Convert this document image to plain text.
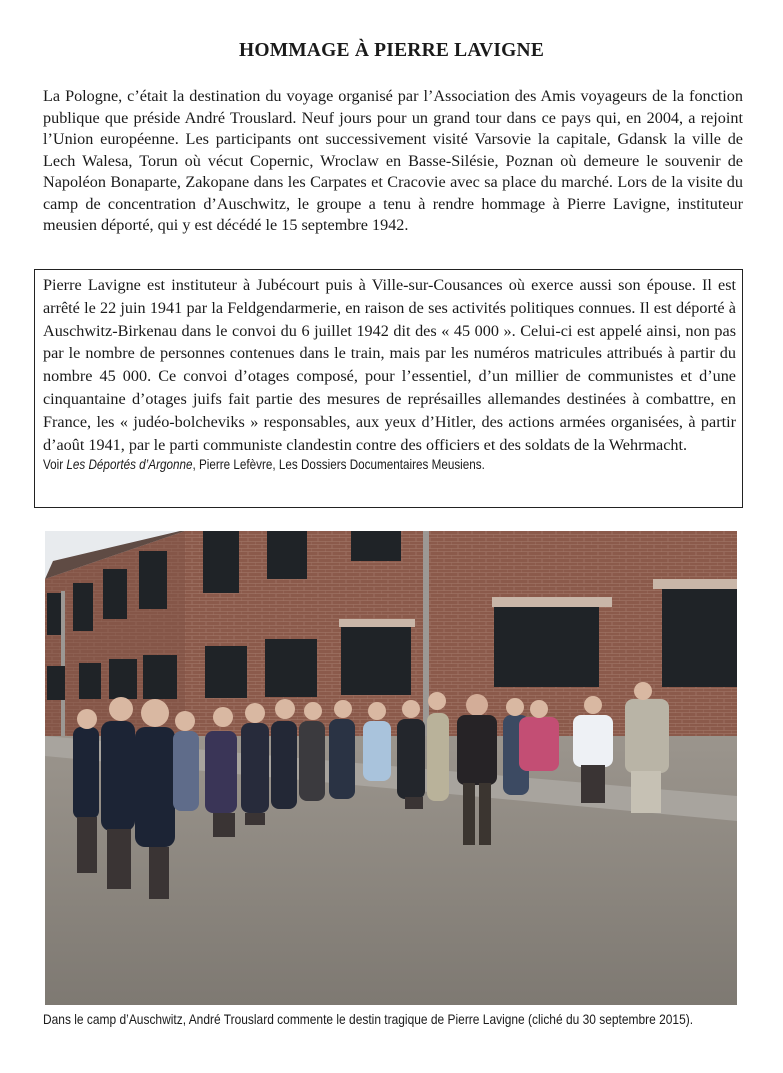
HOMMAGE À PIERRE LAVIGNE
La Pologne, c’était la destination du voyage organisé par l’Association des Amis voyageurs de la fonction publique que préside André Trouslard. Neuf jours pour un grand tour dans ce pays qui, en 2004, a rejoint l’Union européenne. Les participants ont successivement visité Varsovie la capitale, Gdansk la ville de Lech Walesa, Torun où vécut Copernic, Wroclaw en Basse-Silésie, Poznan où demeure le souvenir de Napoléon Bonaparte, Zakopane dans les Carpates et Cracovie avec sa place du marché. Lors de la visite du camp de concentration d’Auschwitz, le groupe a tenu à rendre hommage à Pierre Lavigne, instituteur meusien déporté, qui y est décédé le 15 septembre 1942.
Pierre Lavigne est instituteur à Jubécourt puis à Ville-sur-Cousances où exerce aussi son épouse. Il est arrêté le 22 juin 1941 par la Feldgendarmerie, en raison de ses activités politiques connues. Il est déporté à Auschwitz-Birkenau dans le convoi du 6 juillet 1942 dit des « 45 000 ». Celui-ci est appelé ainsi, non pas par le nombre de personnes contenues dans le train, mais par les numéros matricules attribués à partir du nombre 45 000. Ce convoi d’otages composé, pour l’essentiel, d’un millier de communistes et d’une cinquantaine d’otages juifs fait partie des mesures de représailles allemandes destinées à combattre, en France, les « judéo-bolcheviks » responsables, aux yeux d’Hitler, des actions armées organisées, à partir d’août 1941, par le parti communiste clandestin contre des officiers et des soldats de la Wehrmacht.
Voir Les Déportés d’Argonne, Pierre Lefèvre, Les Dossiers Documentaires Meusiens.
Dans le camp d’Auschwitz, André Trouslard commente le destin tragique de Pierre Lavigne (cliché du 30 septembre 2015).
